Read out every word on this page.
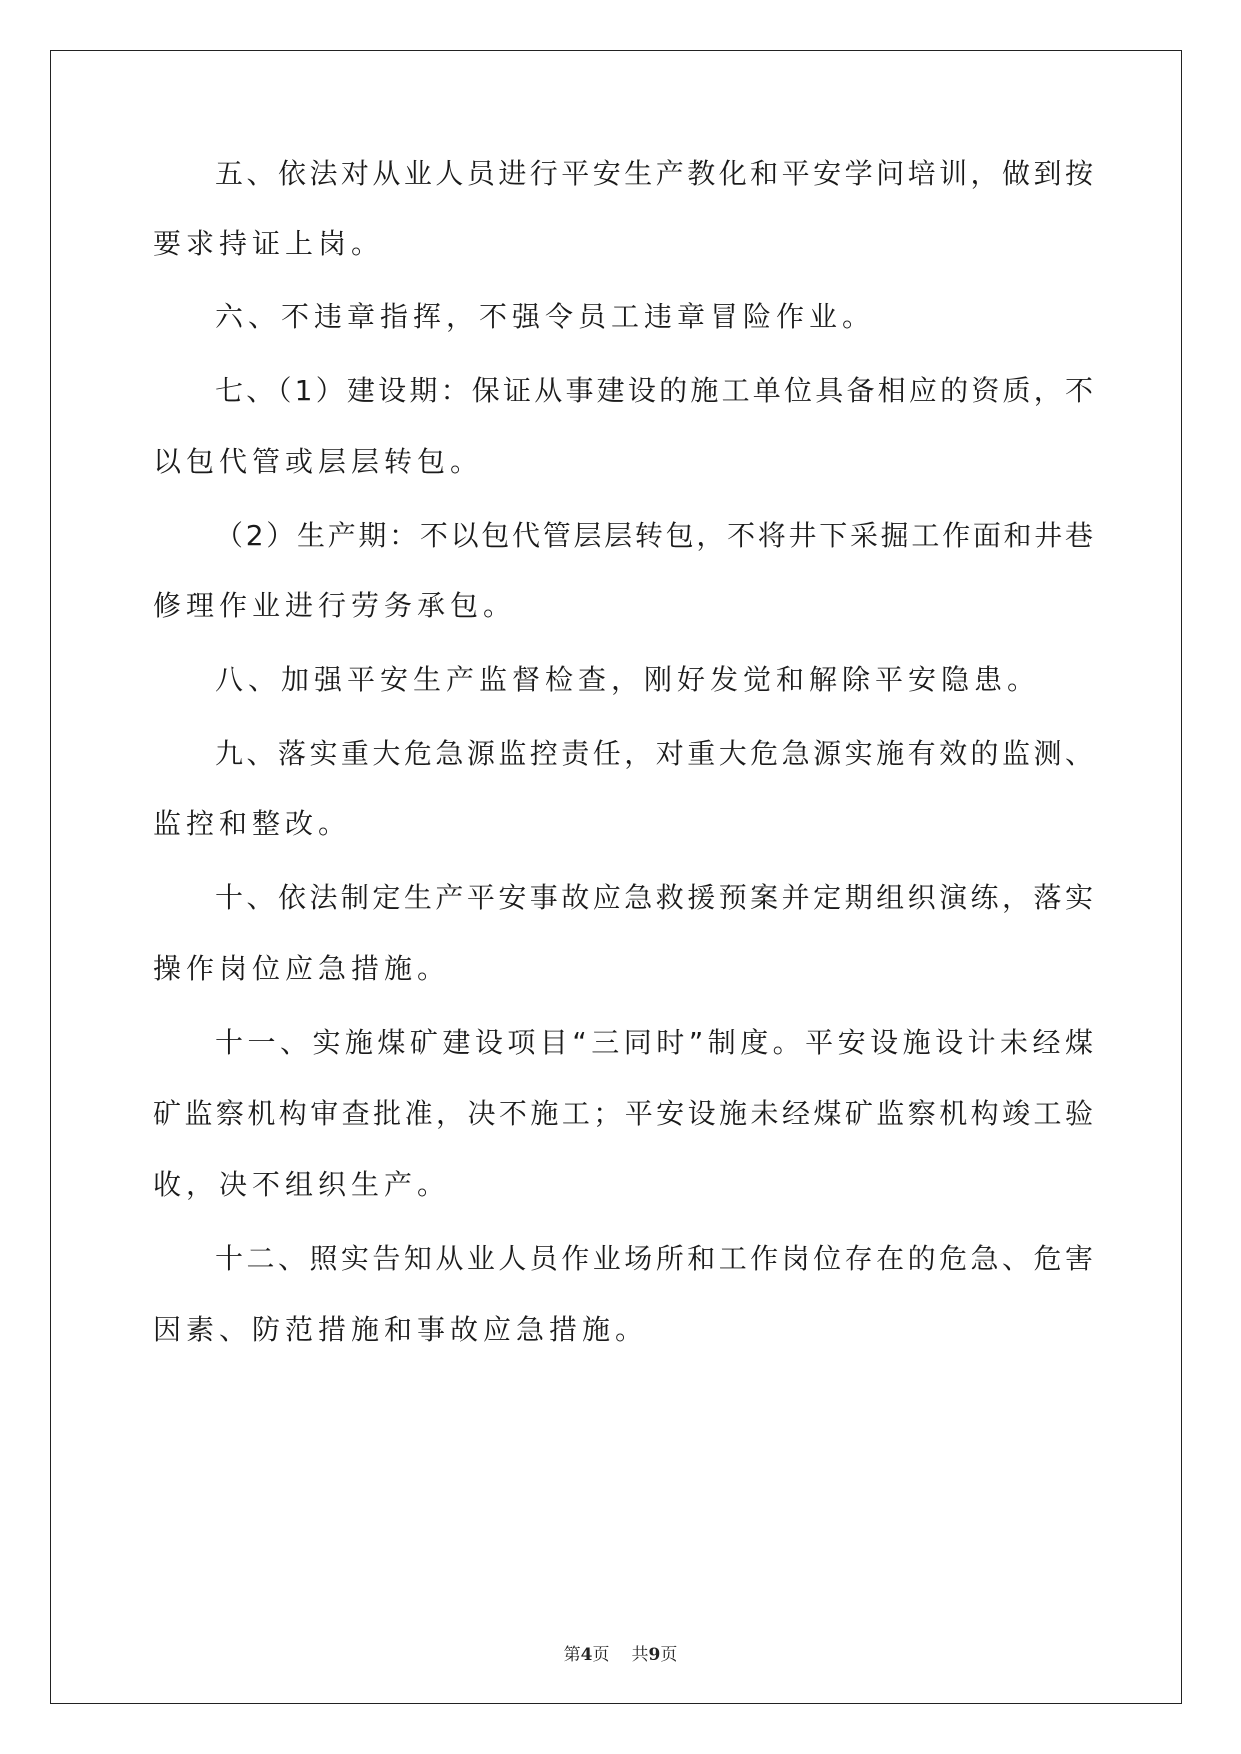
五、依法对从业人员进行平安生产教化和平安学问培训，做到按
要求持证上岗。
六、不违章指挥，不强令员工违章冒险作业。
七、（1）建设期：保证从事建设的施工单位具备相应的资质，不
以包代管或层层转包。
（2）生产期：不以包代管层层转包，不将井下采掘工作面和井巷
修理作业进行劳务承包。
八、加强平安生产监督检查，刚好发觉和解除平安隐患。
九、落实重大危急源监控责任，对重大危急源实施有效的监测、
监控和整改。
十、依法制定生产平安事故应急救援预案并定期组织演练，落实
操作岗位应急措施。
十一、实施煤矿建设项目“三同时”制度。平安设施设计未经煤
矿监察机构审查批准，决不施工；平安设施未经煤矿监察机构竣工验
收，决不组织生产。
十二、照实告知从业人员作业场所和工作岗位存在的危急、危害
因素、防范措施和事故应急措施。
第4页 共9页
